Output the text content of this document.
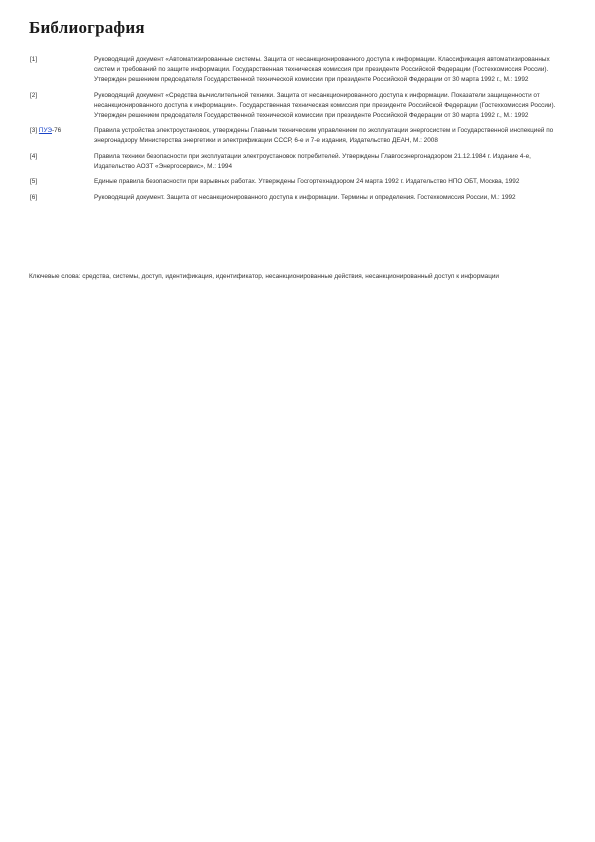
Библиография
[1]	Руководящий документ «Автоматизированные системы. Защита от несанкционированного доступа к информации. Классификация автоматизированных систем и требований по защите информации. Государственная техническая комиссия при президенте Российской Федерации (Гостехкомиссия России). Утвержден решением председателя Государственной технической комиссии при президенте Российской Федерации от 30 марта 1992 г., М.: 1992
[2]	Руководящий документ «Средства вычислительной техники. Защита от несанкционированного доступа к информации. Показатели защищенности от несанкционированного доступа к информации». Государственная техническая комиссия при президенте Российской Федерации (Гостехкомиссия России). Утвержден решением председателя Государственной технической комиссии при президенте Российской Федерации от 30 марта 1992 г., М.: 1992
[3] ПУЭ-76	Правила устройства электроустановок, утверждены Главным техническим управлением по эксплуатации энергосистем и Государственной инспекцией по энергонадзору Министерства энергетики и электрификации СССР, 6-е и 7-е издания, Издательство ДЕАН, М.: 2008
[4]	Правила техники безопасности при эксплуатации электроустановок потребителей. Утверждены Главгосэнергонадзором 21.12.1984 г. Издание 4-е, Издательство АОЗТ «Энергосервис», М.: 1994
[5]	Единые правила безопасности при взрывных работах. Утверждены Госгортехнадзором 24 марта 1992 г. Издательство НПО ОБТ, Москва, 1992
[6]	Руководящий документ. Защита от несанкционированного доступа к информации. Термины и определения. Гостехкомиссия России, М.: 1992

Ключевые слова: средства, системы, доступ, идентификация, идентификатор, несанкционированные действия, несанкционированный доступ к информации
